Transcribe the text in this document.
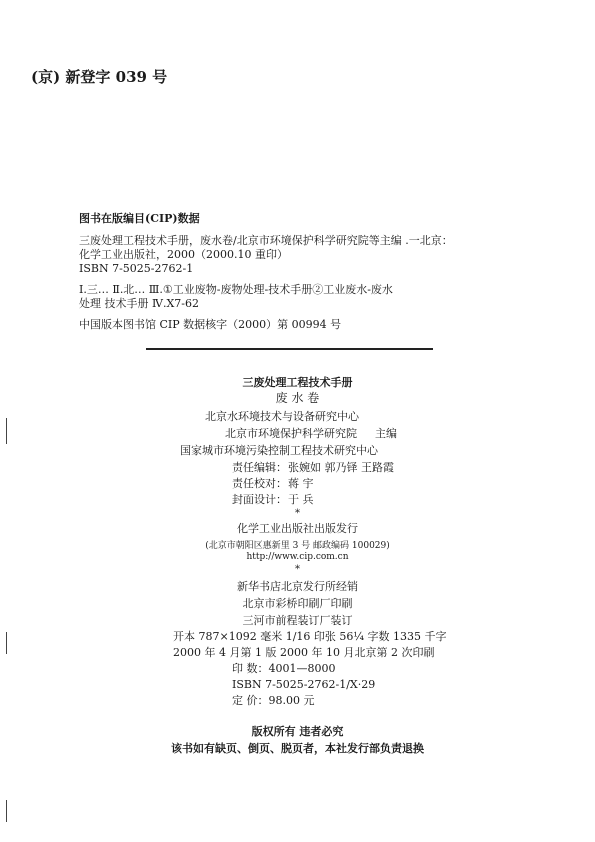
(京) 新登字 039 号
图书在版编目(CIP)数据
三废处理工程技术手册，废水卷/北京市环境保护科学研究院等主编 .一北京：
化学工业出版社，2000（2000.10 重印）
ISBN 7-5025-2762-1
Ⅰ.三… Ⅱ.北… Ⅲ.①工业废物-废物处理-技术手册②工业废水-废水
处理 技术手册 Ⅳ.X7-62
中国版本图书馆 CIP 数据核字（2000）第 00994 号
三废处理工程技术手册
废 水 卷
北京水环境技术与设备研究中心
北京市环境保护科学研究院 主编
国家城市环境污染控制工程技术研究中心
责任编辑： 张婉如 郭乃铎 王路霞
责任校对： 蒋 宇
封面设计： 于 兵
*
化学工业出版社出版发行
(北京市朝阳区惠新里 3 号 邮政编码 100029)
http://www.cip.com.cn
*
新华书店北京发行所经销
北京市彩桥印刷厂印刷
三河市前程装订厂装订
开本 787×1092 毫米 1/16 印张 56¼ 字数 1335 千字
2000 年 4 月第 1 版 2000 年 10 月北京第 2 次印刷
印 数：4001—8000
ISBN 7-5025-2762-1/X·29
定 价：98.00 元
版权所有 违者必究
该书如有缺页、倒页、脱页者，本社发行部负责退换
